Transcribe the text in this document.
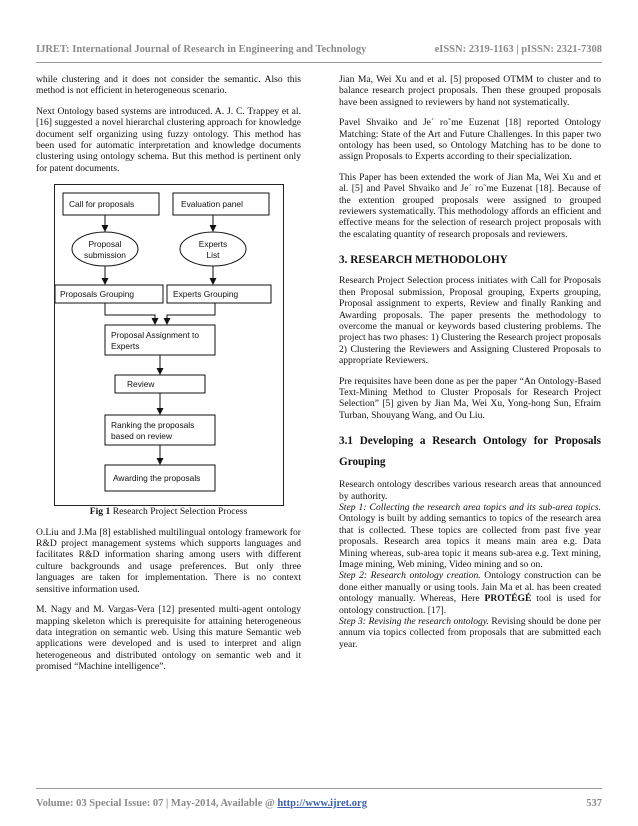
IJRET: International Journal of Research in Engineering and Technology	eISSN: 2319-1163 | pISSN: 2321-7308

while clustering and it does not consider the semantic. Also this method is not efficient in heterogeneous scenario.

Next Ontology based systems are introduced. A. J. C. Trappey et al. [16] suggested a novel hierarchal clustering approach for knowledge document self organizing using fuzzy ontology. This method has been used for automatic interpretation and knowledge documents clustering using ontology schema. But this method is pertinent only for patent documents.

Call for proposals	Evaluation panel
Proposal
submission
Experts
List
Proposals Grouping	Experts Grouping
Proposal Assignment to
Experts
Review
Ranking the proposals
based on review
Awarding the proposals

Fig 1 Research Project Selection Process

O.Liu and J.Ma [8] established multilingual ontology framework for R&D project management systems which supports languages and facilitates R&D information sharing among users with different culture backgrounds and usage preferences. But only three languages are taken for implementation. There is no context sensitive information used.

M. Nagy and M. Vargas-Vera [12] presented multi-agent ontology mapping skeleton which is prerequisite for attaining heterogeneous data integration on semantic web. Using this mature Semantic web applications were developed and is used to interpret and align heterogeneous and distributed ontology on semantic web and it promised “Machine intelligence”.

Jian Ma, Wei Xu and et al. [5] proposed OTMM to cluster and to balance research project proposals. Then these grouped proposals have been assigned to reviewers by hand not systematically.

Pavel Shvaiko and Je´ ro˜me Euzenat [18] reported Ontology Matching: State of the Art and Future Challenges. In this paper two ontology has been used, so Ontology Matching has to be done to assign Proposals to Experts according to their specialization.

This Paper has been extended the work of Jian Ma, Wei Xu and et al. [5] and Pavel Shvaiko and Je´ ro˜me Euzenat [18]. Because of the extention grouped proposals were assigned to grouped reviewers systematically. This methodology affords an efficient and effective means for the selection of research project proposals with the escalating quantity of research proposals and reviewers.

3. RESEARCH METHODOLOHY

Research Project Selection process initiates with Call for Proposals then Proposal submission, Proposal grouping, Experts grouping, Proposal assignment to experts, Review and finally Ranking and Awarding proposals. The paper presents the methodology to overcome the manual or keywords based clustering problems. The project has two phases: 1) Clustering the Research project proposals 2) Clustering the Reviewers and Assigning Clustered Proposals to appropriate Reviewers.

Pre requisites have been done as per the paper “An Ontology-Based Text-Mining Method to Cluster Proposals for Research Project Selection” [5] given by Jian Ma, Wei Xu, Yong-hong Sun, Efraim Turban, Shouyang Wang, and Ou Liu.

3.1 Developing a Research Ontology for Proposals Grouping

Research ontology describes various research areas that announced by authority.

Step 1: Collecting the research area topics and its sub-area topics. Ontology is built by adding semantics to topics of the research area that is collected. These topics are collected from past five year proposals. Research area topics it means main area e.g. Data Mining whereas, sub-area topic it means sub-area e.g. Text mining, Image mining, Web mining, Video mining and so on.

Step 2: Research ontology creation. Ontology construction can be done either manually or using tools. Jain Ma et al. has been created ontology manually. Whereas, Here PROTÉGÉ tool is used for ontology construction. [17].

Step 3: Revising the research ontology. Revising should be done per annum via topics collected from proposals that are submitted each year.

Volume: 03 Special Issue: 07 | May-2014, Available @ http://www.ijret.org	537
